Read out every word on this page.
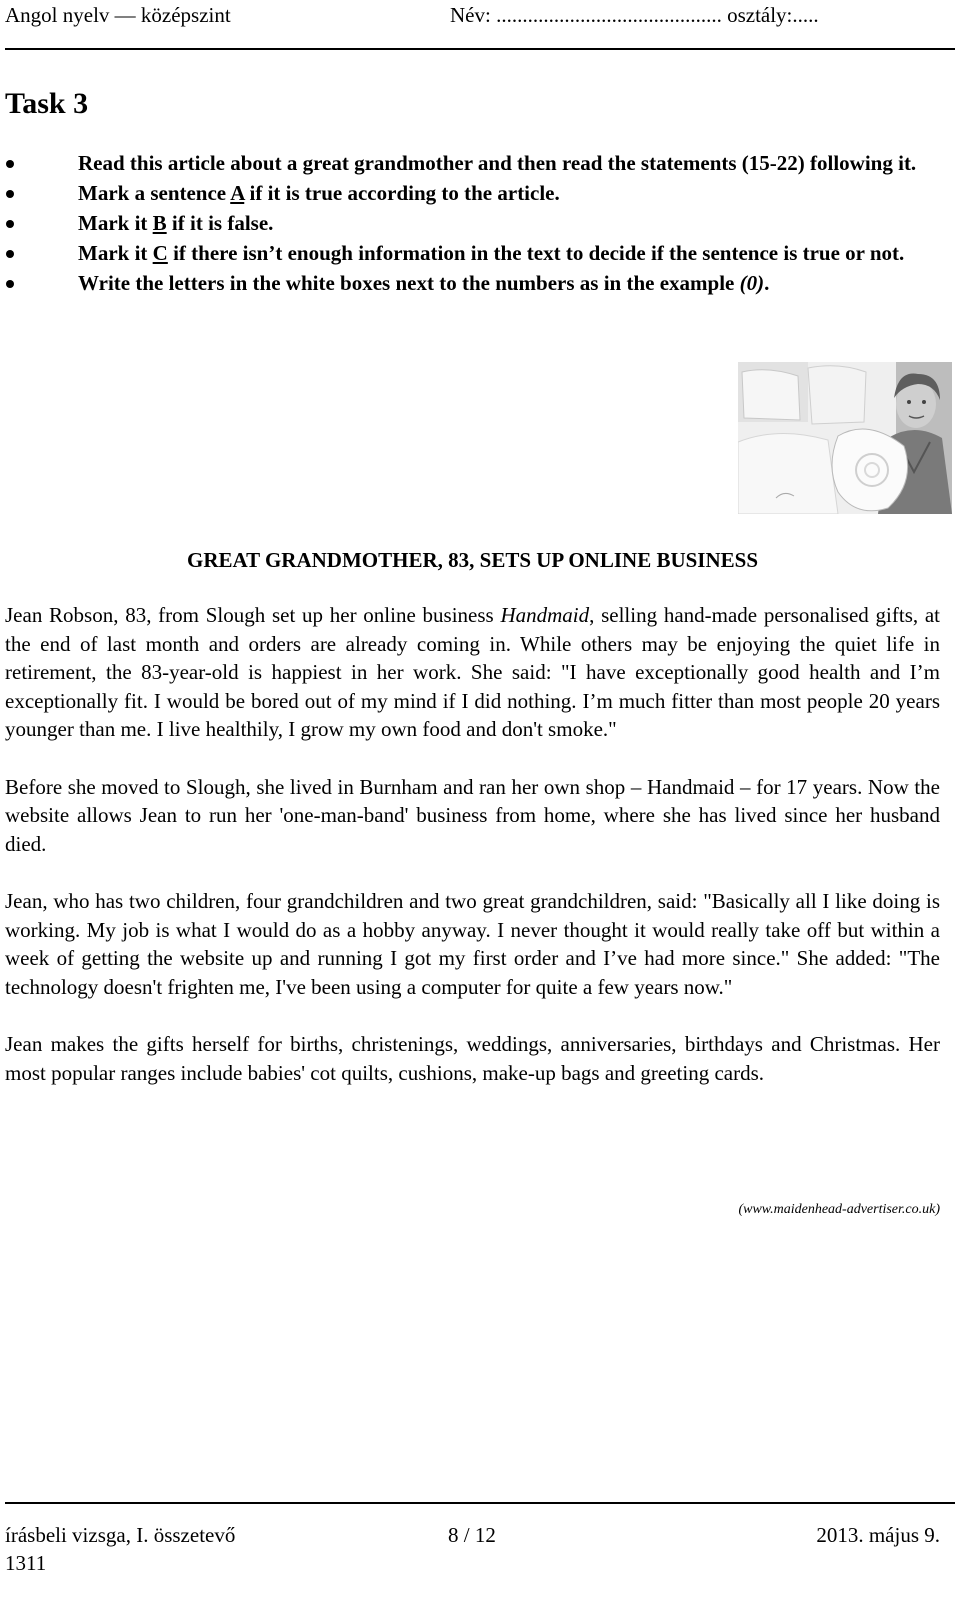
Angol nyelv — középszint	Név: ........................................... osztály:.....
Task 3
Read this article about a great grandmother and then read the statements (15-22) following it.
Mark a sentence A if it is true according to the article.
Mark it B if it is false.
Mark it C if there isn’t enough information in the text to decide if the sentence is true or not.
Write the letters in the white boxes next to the numbers as in the example (0).
GREAT GRANDMOTHER, 83, SETS UP ONLINE BUSINESS

Jean Robson, 83, from Slough set up her online business Handmaid, selling hand-made personalised gifts, at the end of last month and orders are already coming in. While others may be enjoying the quiet life in retirement, the 83-year-old is happiest in her work. She said: "I have exceptionally good health and I’m exceptionally fit. I would be bored out of my mind if I did nothing. I’m much fitter than most people 20 years younger than me. I live healthily, I grow my own food and don't smoke."

Before she moved to Slough, she lived in Burnham and ran her own shop – Handmaid – for 17 years. Now the website allows Jean to run her 'one-man-band' business from home, where she has lived since her husband died.

Jean, who has two children, four grandchildren and two great grandchildren, said: "Basically all I like doing is working. My job is what I would do as a hobby anyway. I never thought it would really take off but within a week of getting the website up and running I got my first order and I’ve had more since." She added: "The technology doesn't frighten me, I've been using a computer for quite a few years now."

Jean makes the gifts herself for births, christenings, weddings, anniversaries, birthdays and Christmas. Her most popular ranges include babies' cot quilts, cushions, make-up bags and greeting cards.

(www.maidenhead-advertiser.co.uk)
írásbeli vizsga, I. összetevő	8 / 12	2013. május 9.
1311
